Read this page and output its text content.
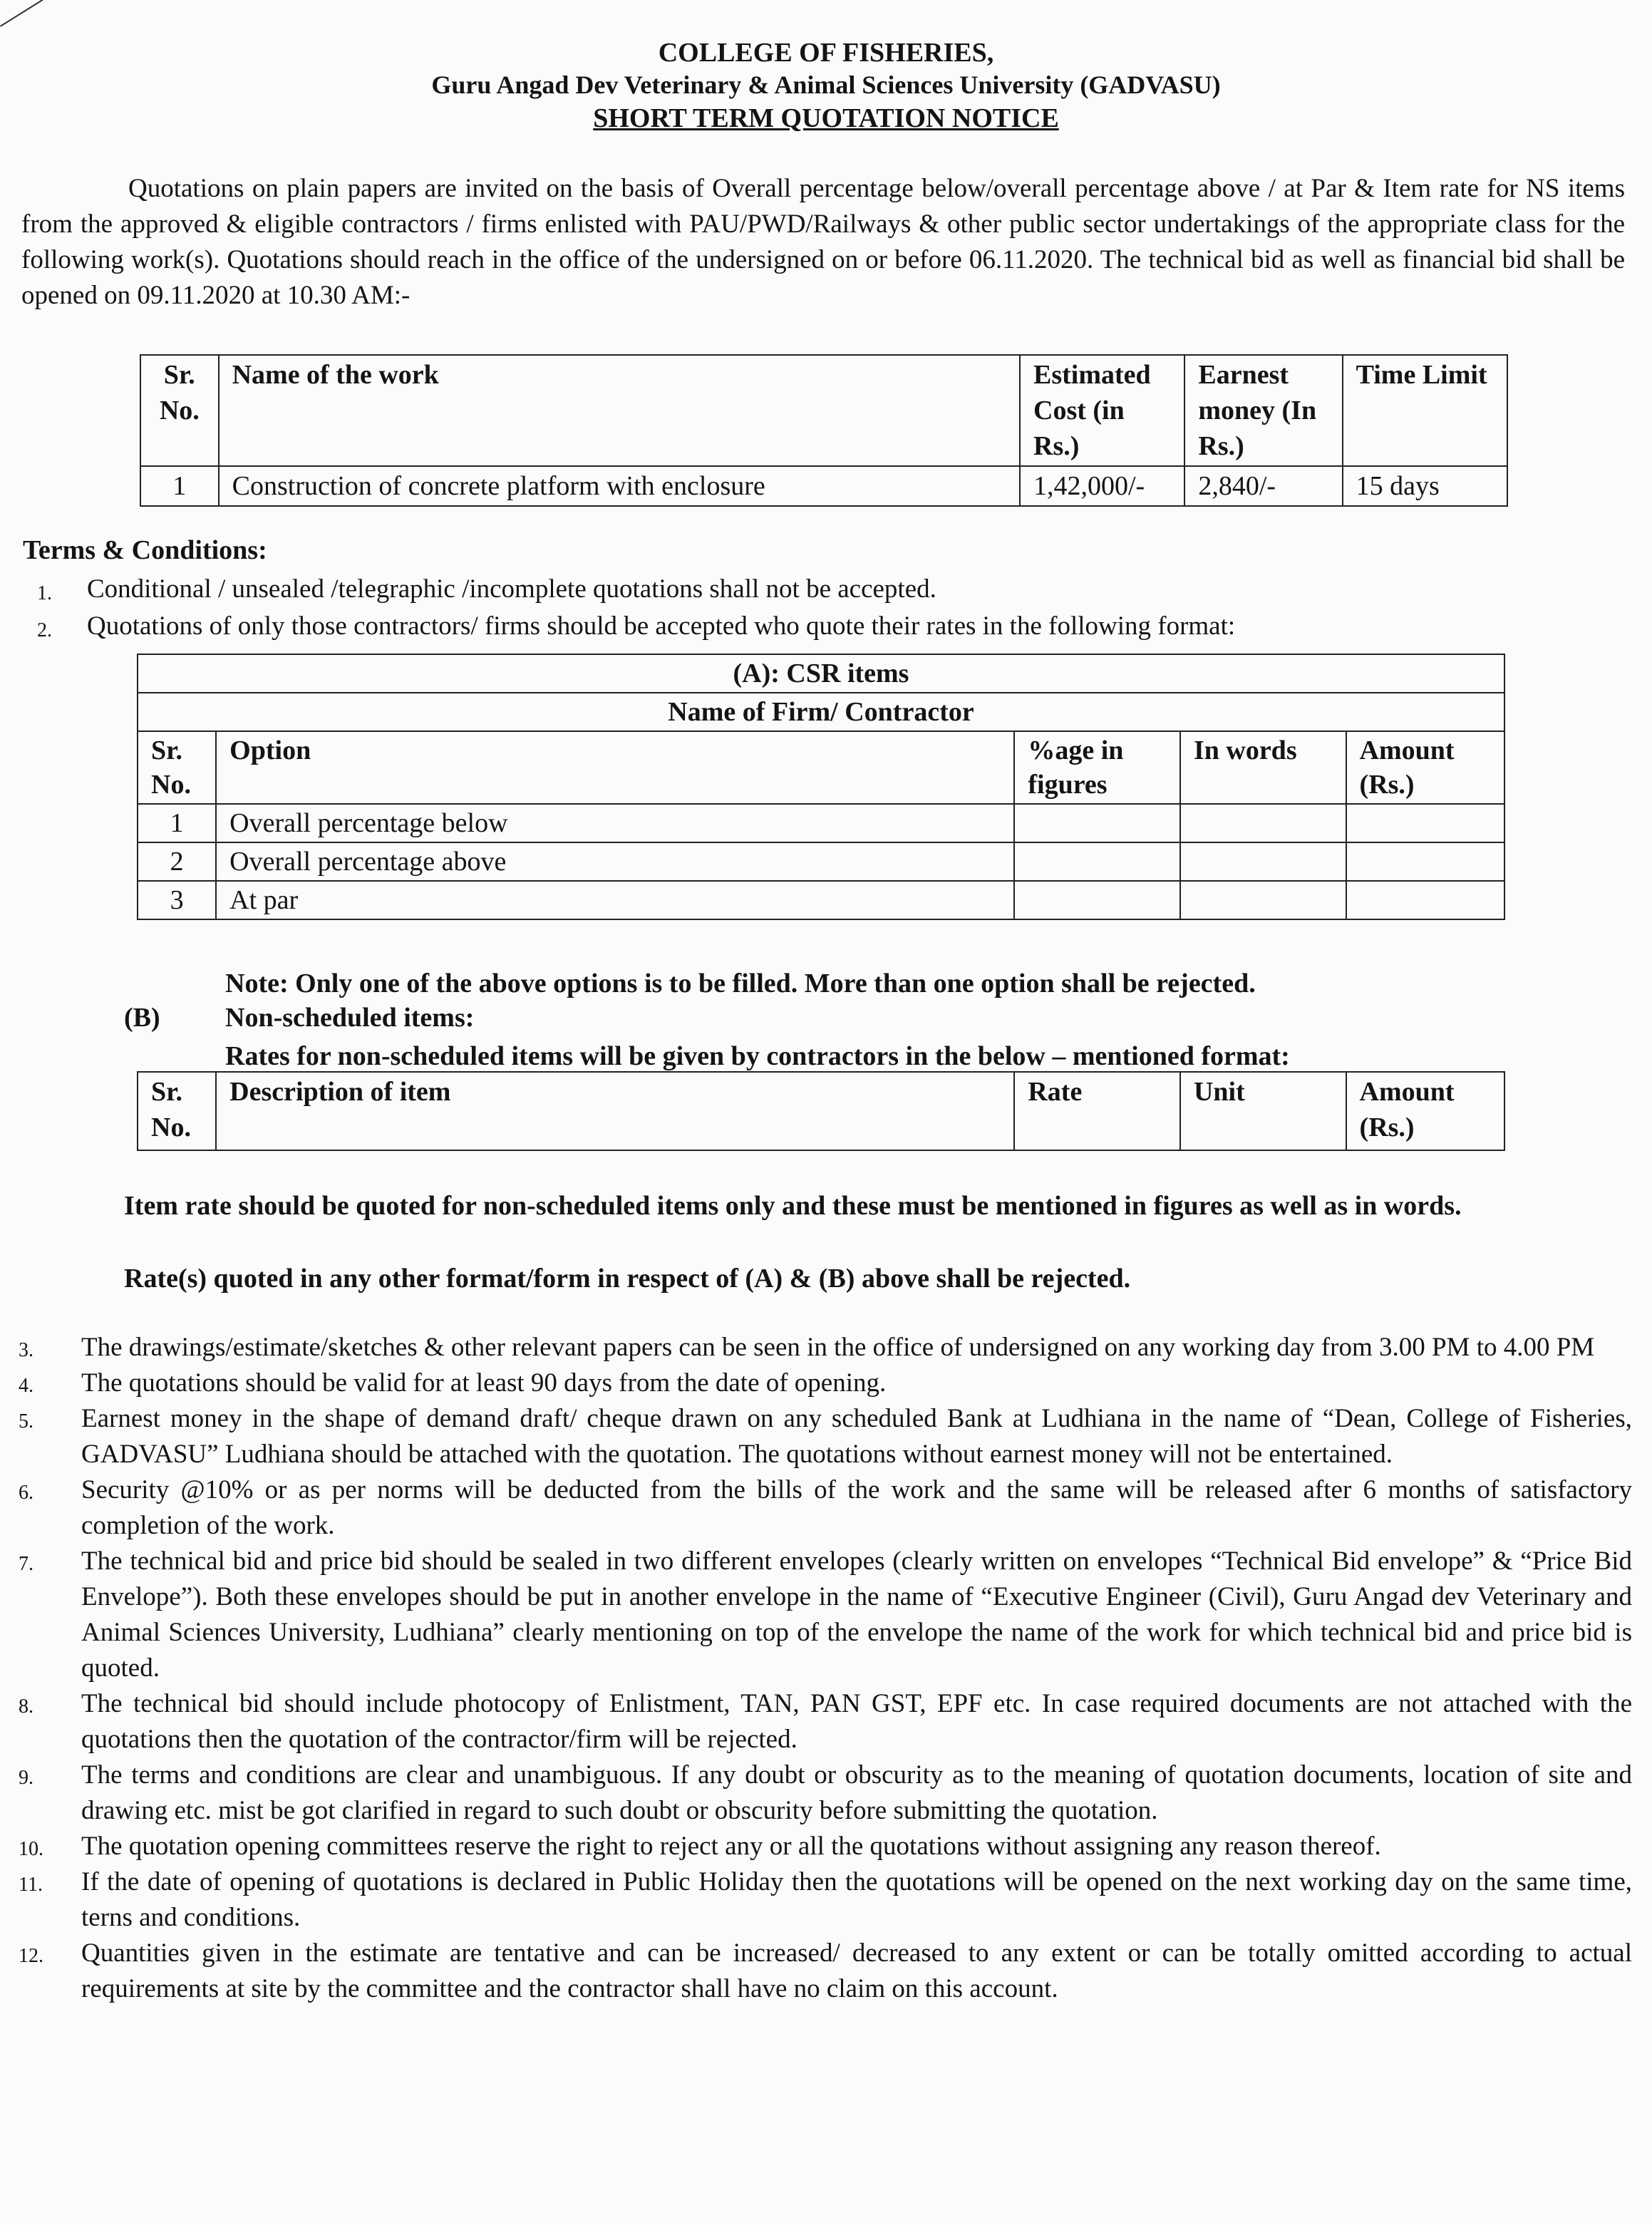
COLLEGE OF FISHERIES,
Guru Angad Dev Veterinary & Animal Sciences University (GADVASU)
SHORT TERM QUOTATION NOTICE
Quotations on plain papers are invited on the basis of Overall percentage below/overall percentage above / at Par & Item rate for NS items from the approved & eligible contractors / firms enlisted with PAU/PWD/Railways & other public sector undertakings of the appropriate class for the following work(s). Quotations should reach in the office of the undersigned on or before 06.11.2020. The technical bid as well as financial bid shall be opened on 09.11.2020 at 10.30 AM:-
Sr. No.	Name of the work	Estimated Cost (in Rs.)	Earnest money (In Rs.)	Time Limit
1	Construction of concrete platform with enclosure	1,42,000/-	2,840/-	15 days
Terms & Conditions:
1. Conditional / unsealed /telegraphic /incomplete quotations shall not be accepted.
2. Quotations of only those contractors/ firms should be accepted who quote their rates in the following format:
(A): CSR items				
Name of Firm/ Contractor				
Sr. No.	Option	%age in figures	In words	Amount (Rs.)
1	Overall percentage below			
2	Overall percentage above			
3	At par			
Note: Only one of the above options is to be filled. More than one option shall be rejected.
(B) Non-scheduled items:
Rates for non-scheduled items will be given by contractors in the below – mentioned format:
Sr. No.	Description of item	Rate	Unit	Amount (Rs.)
Item rate should be quoted for non-scheduled items only and these must be mentioned in figures as well as in words.
Rate(s) quoted in any other format/form in respect of (A) & (B) above shall be rejected.
3. The drawings/estimate/sketches & other relevant papers can be seen in the office of undersigned on any working day from 3.00 PM to 4.00 PM
4. The quotations should be valid for at least 90 days from the date of opening.
5. Earnest money in the shape of demand draft/ cheque drawn on any scheduled Bank at Ludhiana in the name of “Dean, College of Fisheries, GADVASU” Ludhiana should be attached with the quotation. The quotations without earnest money will not be entertained.
6. Security @10% or as per norms will be deducted from the bills of the work and the same will be released after 6 months of satisfactory completion of the work.
7. The technical bid and price bid should be sealed in two different envelopes (clearly written on envelopes “Technical Bid envelope” & “Price Bid Envelope”). Both these envelopes should be put in another envelope in the name of “Executive Engineer (Civil), Guru Angad dev Veterinary and Animal Sciences University, Ludhiana” clearly mentioning on top of the envelope the name of the work for which technical bid and price bid is quoted.
8. The technical bid should include photocopy of Enlistment, TAN, PAN GST, EPF etc. In case required documents are not attached with the quotations then the quotation of the contractor/firm will be rejected.
9. The terms and conditions are clear and unambiguous. If any doubt or obscurity as to the meaning of quotation documents, location of site and drawing etc. mist be got clarified in regard to such doubt or obscurity before submitting the quotation.
10. The quotation opening committees reserve the right to reject any or all the quotations without assigning any reason thereof.
11. If the date of opening of quotations is declared in Public Holiday then the quotations will be opened on the next working day on the same time, terns and conditions.
12. Quantities given in the estimate are tentative and can be increased/ decreased to any extent or can be totally omitted according to actual requirements at site by the committee and the contractor shall have no claim on this account.
